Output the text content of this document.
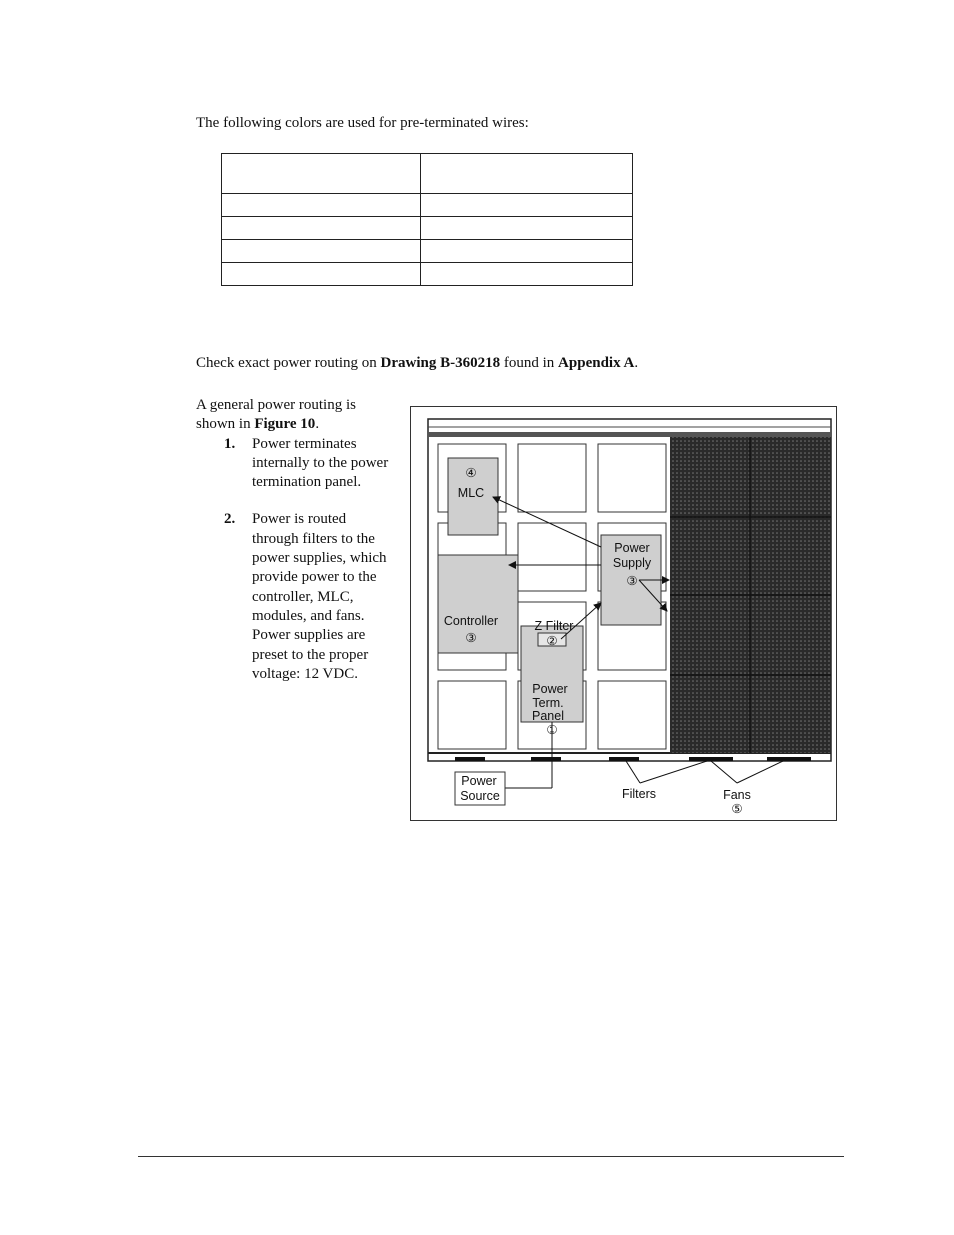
The following colors are used for pre-terminated wires:

Check exact power routing on Drawing B-360218 found in Appendix A.

A general power routing is shown in Figure 10.

1. Power terminates internally to the power termination panel.
2. Power is routed through filters to the power supplies, which provide power to the controller, MLC, modules, and fans. Power supplies are preset to the proper voltage: 12 VDC.
④
MLC
Power
Supply
③
Controller
③
Z Filter
②
Power
Term.
Panel
①
Power
Source	Filters	Fans
⑤
